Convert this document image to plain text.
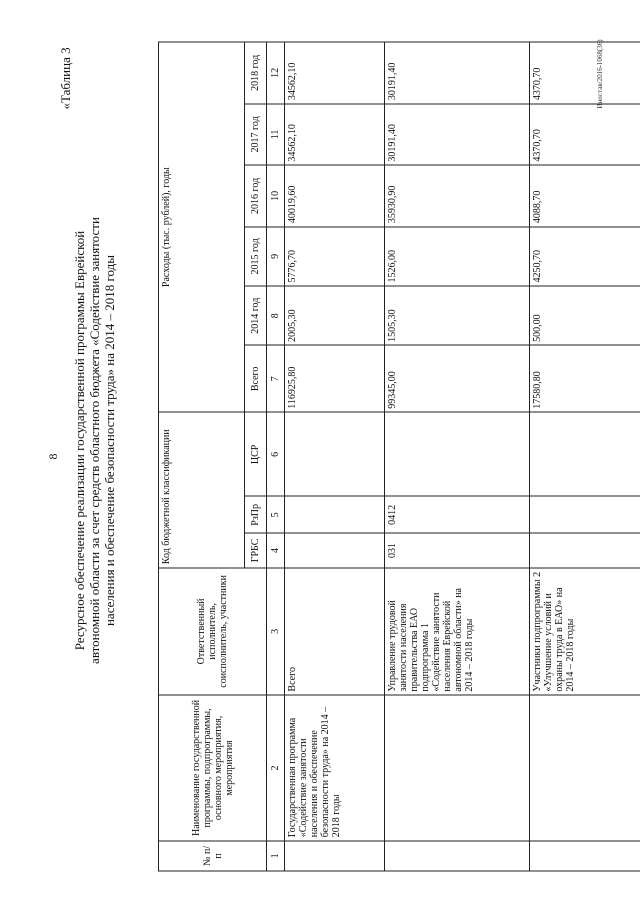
8
«Таблица 3
Ресурсное обеспечение реализации государственной программы Еврейской автономной области за счет средств областного бюджета «Содействие занятости населения и обеспечение безопасности труда» на 2014 – 2018 годы
№ п/п	Наименование государственной программы, подпрограммы, основного мероприятия, мероприятия	Ответственный исполнитель, соисполнитель, участники	Код бюджетной классификации			Расходы (тыс. рублей), годы					
			ГРБС	РзПр	ЦСР	Всего	2014 год	2015 год	2016 год	2017 год	2018 год
1	2	3	4	5	6	7	8	9	10	11	12
	Государственная программа «Содействие занятости населения и обеспечение безопасности труда» на 2014 – 2018 годы	Всего				116925,80	2005,30	5776,70	40019,60	34562,10	34562,10
		Управление трудовой занятости населения правительства ЕАО подпрограмма 1 «Содействие занятости населения Еврейской автономной области» на 2014 – 2018 годы	031	0412		99345,00	1505,30	1526,00	35930,90	30191,40	30191,40
		Участники подпрограммы 2 «Улучшение условий и охраны труда в ЕАО» на 2014 – 2018 годы				17580,80	500,00	4250,70	4088,70	4370,70	4370,70	Иностав/2016-1068(36)
